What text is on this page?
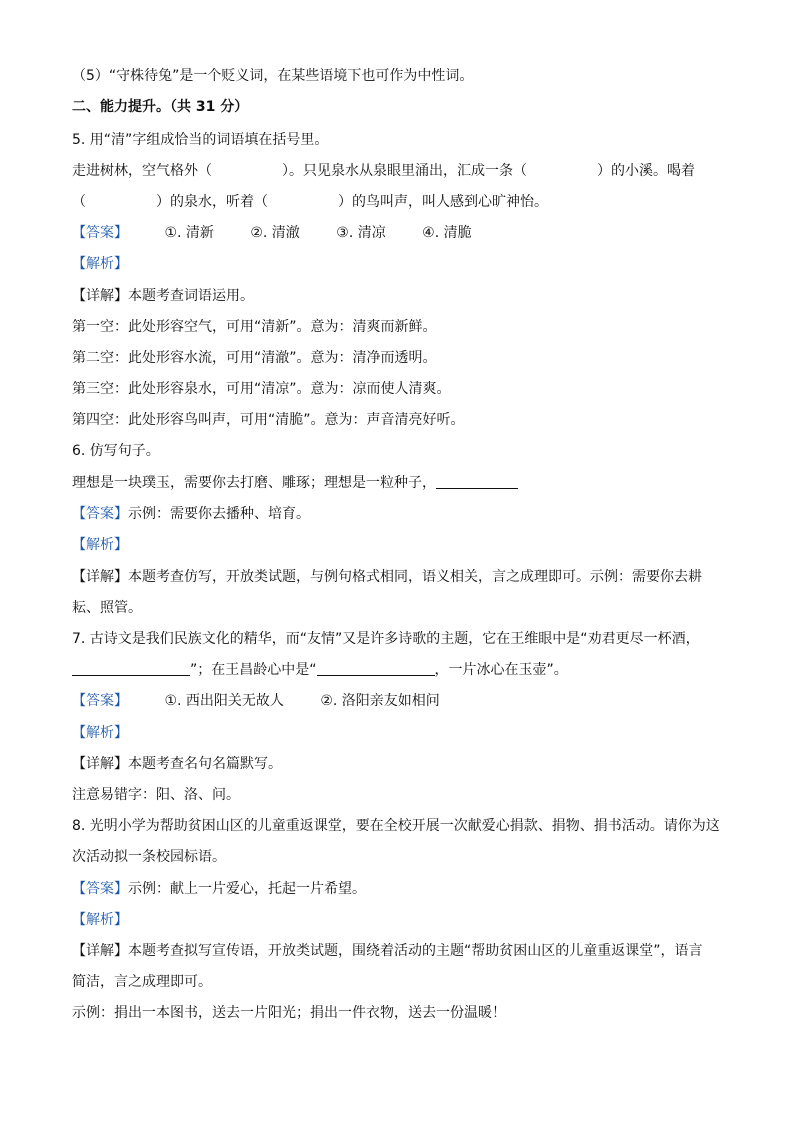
（5）“守株待兔”是一个贬义词，在某些语境下也可作为中性词。
二、能力提升。（共 31 分）
5. 用“清”字组成恰当的词语填在括号里。
走进树林，空气格外（　　　　　）。只见泉水从泉眼里涌出，汇成一条（　　　　　）的小溪。喝着
（　　　　　）的泉水，听着（　　　　　）的鸟叫声，叫人感到心旷神怡。
【答案】	①. 清新	②. 清澈	③. 清凉	④. 清脆
【解析】
【详解】本题考查词语运用。
第一空：此处形容空气，可用“清新”。意为：清爽而新鲜。
第二空：此处形容水流，可用“清澈”。意为：清净而透明。
第三空：此处形容泉水，可用“清凉”。意为：凉而使人清爽。
第四空：此处形容鸟叫声，可用“清脆”。意为：声音清亮好听。
6. 仿写句子。
理想是一块璞玉，需要你去打磨、雕琢；理想是一粒种子，
【答案】示例：需要你去播种、培育。
【解析】
【详解】本题考查仿写，开放类试题，与例句格式相同，语义相关，言之成理即可。示例：需要你去耕
耘、照管。
7. 古诗文是我们民族文化的精华，而“友情”又是许多诗歌的主题，它在王维眼中是“劝君更尽一杯酒，
”；在王昌龄心中是“	，一片冰心在玉壶”。
【答案】	①. 西出阳关无故人	②. 洛阳亲友如相问
【解析】
【详解】本题考查名句名篇默写。
注意易错字：阳、洛、问。
8. 光明小学为帮助贫困山区的儿童重返课堂，要在全校开展一次献爱心捐款、捐物、捐书活动。请你为这
次活动拟一条校园标语。
【答案】示例：献上一片爱心，托起一片希望。
【解析】
【详解】本题考查拟写宣传语，开放类试题，围绕着活动的主题“帮助贫困山区的儿童重返课堂”，语言
简洁，言之成理即可。
示例：捐出一本图书，送去一片阳光；捐出一件衣物，送去一份温暖！
